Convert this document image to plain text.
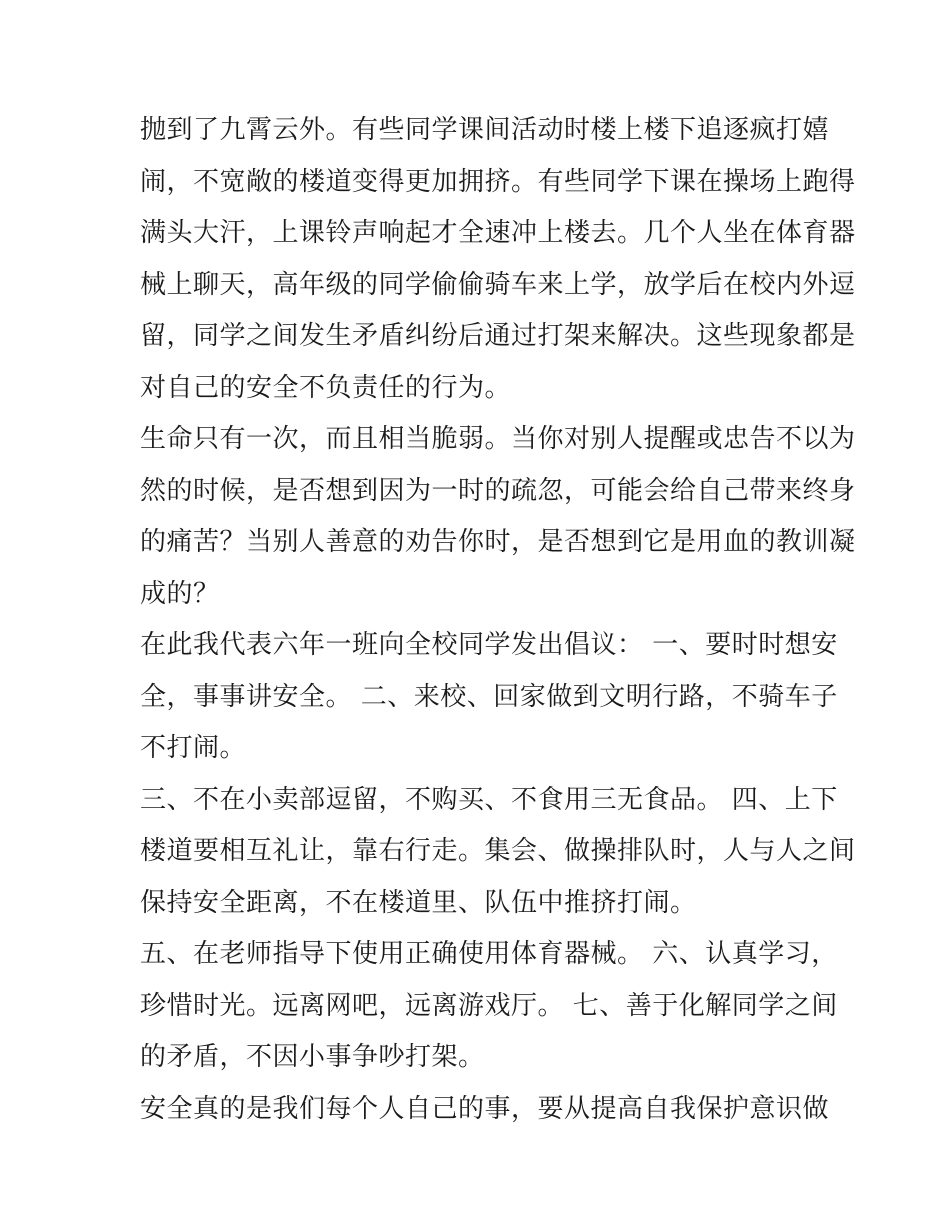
抛到了九霄云外。有些同学课间活动时楼上楼下追逐疯打嬉
闹，不宽敞的楼道变得更加拥挤。有些同学下课在操场上跑得
满头大汗，上课铃声响起才全速冲上楼去。几个人坐在体育器
械上聊天，高年级的同学偷偷骑车来上学，放学后在校内外逗
留，同学之间发生矛盾纠纷后通过打架来解决。这些现象都是
对自己的安全不负责任的行为。
生命只有一次，而且相当脆弱。当你对别人提醒或忠告不以为
然的时候，是否想到因为一时的疏忽，可能会给自己带来终身
的痛苦？当别人善意的劝告你时，是否想到它是用血的教训凝
成的？
在此我代表六年一班向全校同学发出倡议： 一、要时时想安
全，事事讲安全。 二、来校、回家做到文明行路，不骑车子
不打闹。
三、不在小卖部逗留，不购买、不食用三无食品。 四、上下
楼道要相互礼让，靠右行走。集会、做操排队时，人与人之间
保持安全距离，不在楼道里、队伍中推挤打闹。
五、在老师指导下使用正确使用体育器械。 六、认真学习，
珍惜时光。远离网吧，远离游戏厅。 七、善于化解同学之间
的矛盾，不因小事争吵打架。
安全真的是我们每个人自己的事，要从提高自我保护意识做
